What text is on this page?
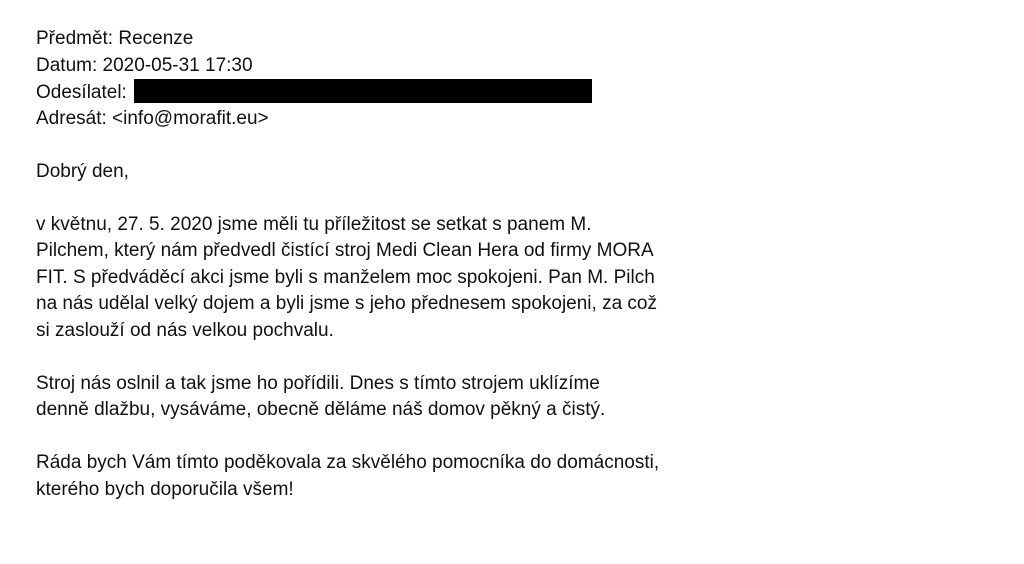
Předmět: Recenze
Datum: 2020-05-31 17:30
Odesílatel:
Adresát: <info@morafit.eu>

Dobrý den,

v květnu, 27. 5. 2020 jsme měli tu příležitost se setkat s panem M.
Pilchem, který nám předvedl čistící stroj Medi Clean Hera od firmy MORA
FIT. S předváděcí akci jsme byli s manželem moc spokojeni. Pan M. Pilch
na nás udělal velký dojem a byli jsme s jeho přednesem spokojeni, za což
si zaslouží od nás velkou pochvalu.

Stroj nás oslnil a tak jsme ho pořídili. Dnes s tímto strojem uklízíme
denně dlažbu, vysáváme, obecně děláme náš domov pěkný a čistý.

Ráda bych Vám tímto poděkovala za skvělého pomocníka do domácnosti,
kterého bych doporučila všem!
